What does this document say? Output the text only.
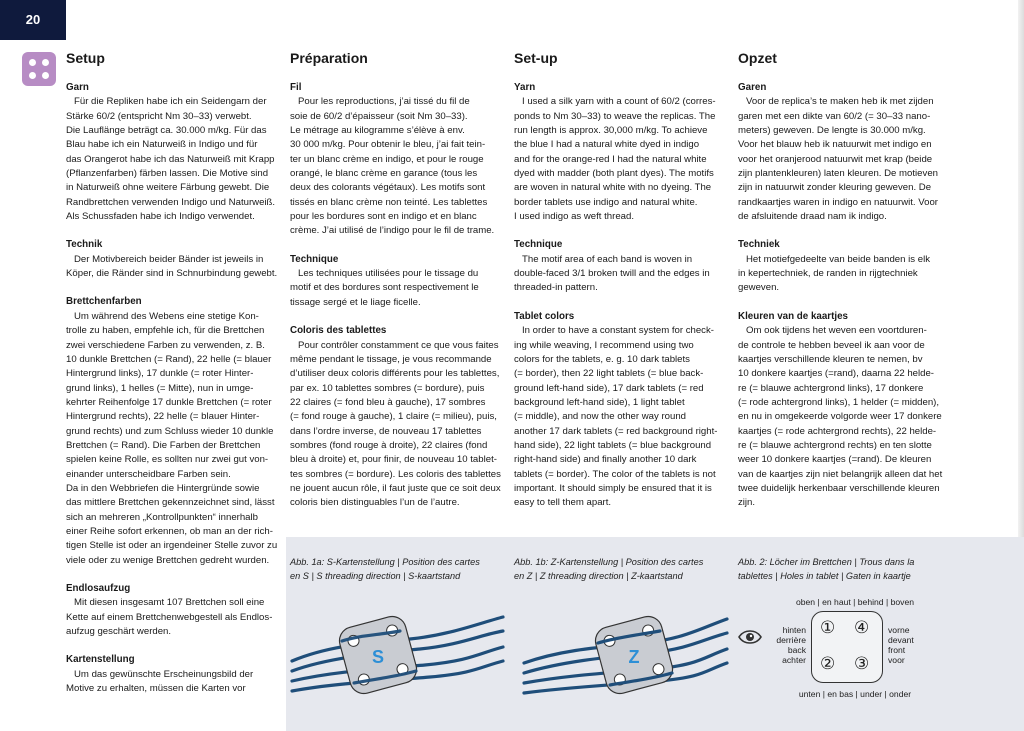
20
Setup
Garn

Für die Repliken habe ich ein Seidengarn der
Stärke 60/2 (entspricht Nm 30–33) verwebt.
Die Lauflänge beträgt ca. 30.000 m/kg. Für das
Blau habe ich ein Naturweiß in Indigo und für
das Orangerot habe ich das Naturweiß mit Krapp
(Pflanzenfarben) färben lassen. Die Motive sind
in Naturweiß ohne weitere Färbung gewebt. Die
Randbrettchen verwenden Indigo und Naturweiß.
Als Schussfaden habe ich Indigo verwendet.

Technik

Der Motivbereich beider Bänder ist jeweils in
Köper, die Ränder sind in Schnurbindung gewebt.

Brettchenfarben

Um während des Webens eine stetige Kon-
trolle zu haben, empfehle ich, für die Brettchen
zwei verschiedene Farben zu verwenden, z. B.
10 dunkle Brettchen (= Rand), 22 helle (= blauer
Hintergrund links), 17 dunkle (= roter Hinter-
grund links), 1 helles (= Mitte), nun in umge-
kehrter Reihenfolge 17 dunkle Brettchen (= roter
Hintergrund rechts), 22 helle (= blauer Hinter-
grund rechts) und zum Schluss wieder 10 dunkle
Brettchen (= Rand). Die Farben der Brettchen
spielen keine Rolle, es sollten nur zwei gut von-
einander unterscheidbare Farben sein.
Da in den Webbriefen die Hintergründe sowie
das mittlere Brettchen gekennzeichnet sind, lässt
sich an mehreren „Kontrollpunkten“ innerhalb
einer Reihe sofort erkennen, ob man an der rich-
tigen Stelle ist oder an irgendeiner Stelle zuvor zu
viele oder zu wenige Brettchen gedreht wurden.

Endlosaufzug

Mit diesen insgesamt 107 Brettchen soll eine
Kette auf einem Brettchenwebgestell als Endlos-
aufzug geschärt werden.

Kartenstellung

Um das gewünschte Erscheinungsbild der
Motive zu erhalten, müssen die Karten vor

Préparation
Fil

Pour les reproductions, j’ai tissé du fil de
soie de 60/2 d’épaisseur (soit Nm 30–33).
Le métrage au kilogramme s’élève à env.
30 000 m/kg. Pour obtenir le bleu, j’ai fait tein-
ter un blanc crème en indigo, et pour le rouge
orangé, le blanc crème en garance (tous les
deux des colorants végétaux). Les motifs sont
tissés en blanc crème non teinté. Les tablettes
pour les bordures sont en indigo et en blanc
crème. J’ai utilisé de l’indigo pour le fil de trame.

Technique

Les techniques utilisées pour le tissage du
motif et des bordures sont respectivement le
tissage sergé et le liage ficelle.

Coloris des tablettes

Pour contrôler constamment ce que vous faites
même pendant le tissage, je vous recommande
d’utiliser deux coloris différents pour les tablettes,
par ex. 10 tablettes sombres (= bordure), puis
22 claires (= fond bleu à gauche), 17 sombres
(= fond rouge à gauche), 1 claire (= milieu), puis,
dans l’ordre inverse, de nouveau 17 tablettes
sombres (fond rouge à droite), 22 claires (fond
bleu à droite) et, pour finir, de nouveau 10 tablet-
tes sombres (= bordure). Les coloris des tablettes
ne jouent aucun rôle, il faut juste que ce soit deux
coloris bien distinguables l’un de l’autre.

Set-up
Yarn

I used a silk yarn with a count of 60/2 (corres-
ponds to Nm 30–33) to weave the replicas. The
run length is approx. 30,000 m/kg. To achieve
the blue I had a natural white dyed in indigo
and for the orange-red I had the natural white
dyed with madder (both plant dyes). The motifs
are woven in natural white with no dyeing. The
border tablets use indigo and natural white.
I used indigo as weft thread.

Technique

The motif area of each band is woven in
double-faced 3/1 broken twill and the edges in
threaded-in pattern.

Tablet colors

In order to have a constant system for check-
ing while weaving, I recommend using two
colors for the tablets, e. g. 10 dark tablets
(= border), then 22 light tablets (= blue back-
ground left-hand side), 17 dark tablets (= red
background left-hand side), 1 light tablet
(= middle), and now the other way round
another 17 dark tablets (= red background right-
hand side), 22 light tablets (= blue background
right-hand side) and finally another 10 dark
tablets (= border). The color of the tablets is not
important. It should simply be ensured that it is
easy to tell them apart.

Opzet
Garen

Voor de replica’s te maken heb ik met zijden
garen met een dikte van 60/2 (= 30–33 nano-
meters) geweven. De lengte is 30.000 m/kg.
Voor het blauw heb ik natuurwit met indigo en
voor het oranjerood natuurwit met krap (beide
zijn plantenkleuren) laten kleuren. De motieven
zijn in natuurwit zonder kleuring geweven. De
randkaartjes waren in indigo en natuurwit. Voor
de afsluitende draad nam ik indigo.

Techniek

Het motiefgedeelte van beide banden is elk
in kepertechniek, de randen in rijgtechniek
geweven.

Kleuren van de kaartjes

Om ook tijdens het weven een voortduren-
de controle te hebben beveel ik aan voor de
kaartjes verschillende kleuren te nemen, bv
10 donkere kaartjes (=rand), daarna 22 helde-
re (= blauwe achtergrond links), 17 donkere
(= rode achtergrond links), 1 helder (= midden),
en nu in omgekeerde volgorde weer 17 donkere
kaartjes (= rode achtergrond rechts), 22 helde-
re (= blauwe achtergrond rechts) en ten slotte
weer 10 donkere kaartjes (=rand). De kleuren
van de kaartjes zijn niet belangrijk alleen dat het
twee duidelijk herkenbaar verschillende kleuren
zijn.

Abb. 1a: S-Kartenstellung | Position des cartes
en S | S threading direction | S-kaartstand
S
Abb. 1b: Z-Kartenstellung | Position des cartes
en Z | Z threading direction | Z-kaartstand
Z
Abb. 2: Löcher im Brettchen | Trous dans la
tablettes | Holes in tablet | Gaten in kaartje
oben | en haut | behind | boven
hinten
derrière
back
achter
① ④
② ③
vorne
devant
front
voor
unten | en bas | under | onder
